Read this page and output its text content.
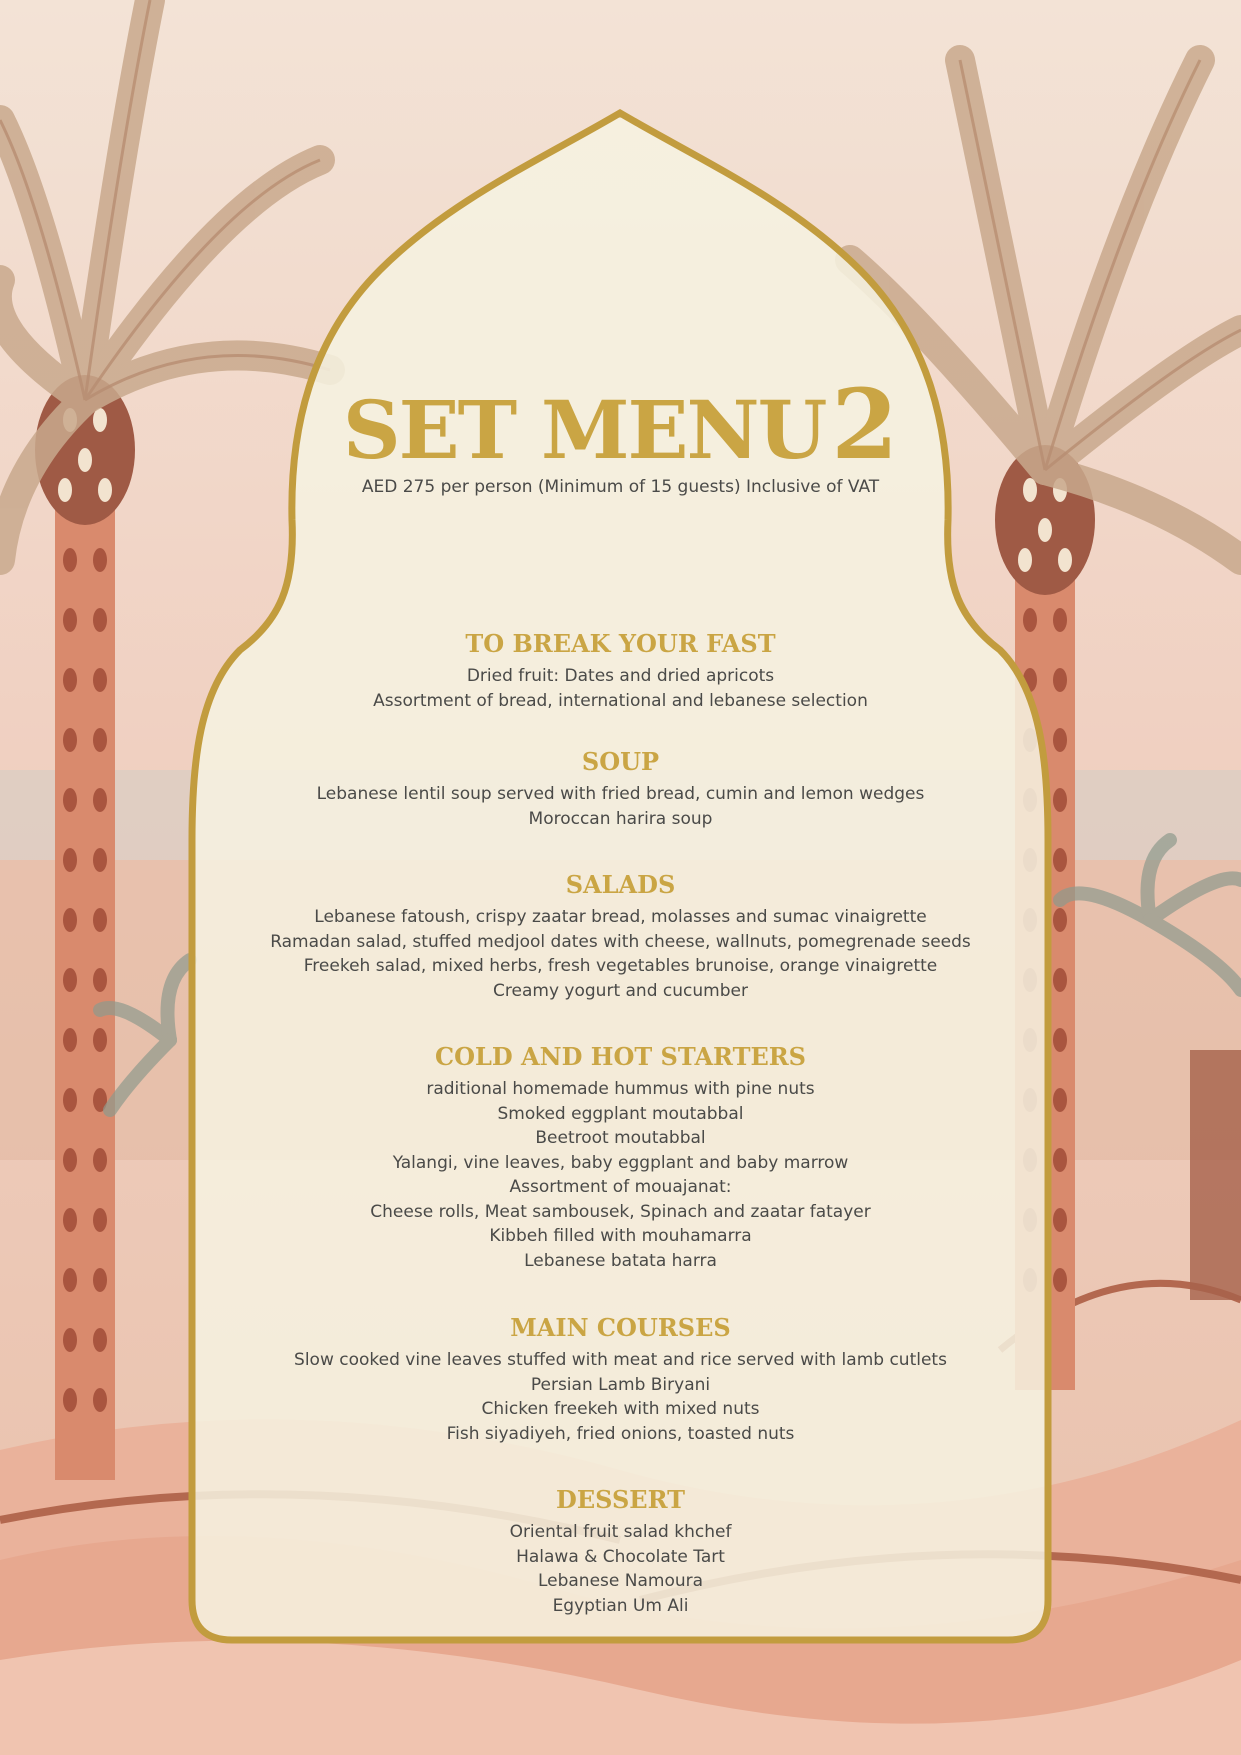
SET MENU2

AED 275 per person (Minimum of 15 guests) Inclusive of VAT

TO BREAK YOUR FAST
Dried fruit: Dates and dried apricots
Assortment of bread, international and lebanese selection
SOUP
Lebanese lentil soup served with fried bread, cumin and lemon wedges
Moroccan harira soup
SALADS
Lebanese fatoush, crispy zaatar bread, molasses and sumac vinaigrette
Ramadan salad, stuffed medjool dates with cheese, wallnuts, pomegrenade seeds
Freekeh salad, mixed herbs, fresh vegetables brunoise, orange vinaigrette
Creamy yogurt and cucumber
COLD AND HOT STARTERS
raditional homemade hummus with pine nuts
Smoked eggplant moutabbal
Beetroot moutabbal
Yalangi, vine leaves, baby eggplant and baby marrow
Assortment of mouajanat:
Cheese rolls, Meat sambousek, Spinach and zaatar fatayer
Kibbeh filled with mouhamarra
Lebanese batata harra
MAIN COURSES
Slow cooked vine leaves stuffed with meat and rice served with lamb cutlets
Persian Lamb Biryani
Chicken freekeh with mixed nuts
Fish siyadiyeh, fried onions, toasted nuts
DESSERT
Oriental fruit salad khchef
Halawa & Chocolate Tart
Lebanese Namoura
Egyptian Um Ali
